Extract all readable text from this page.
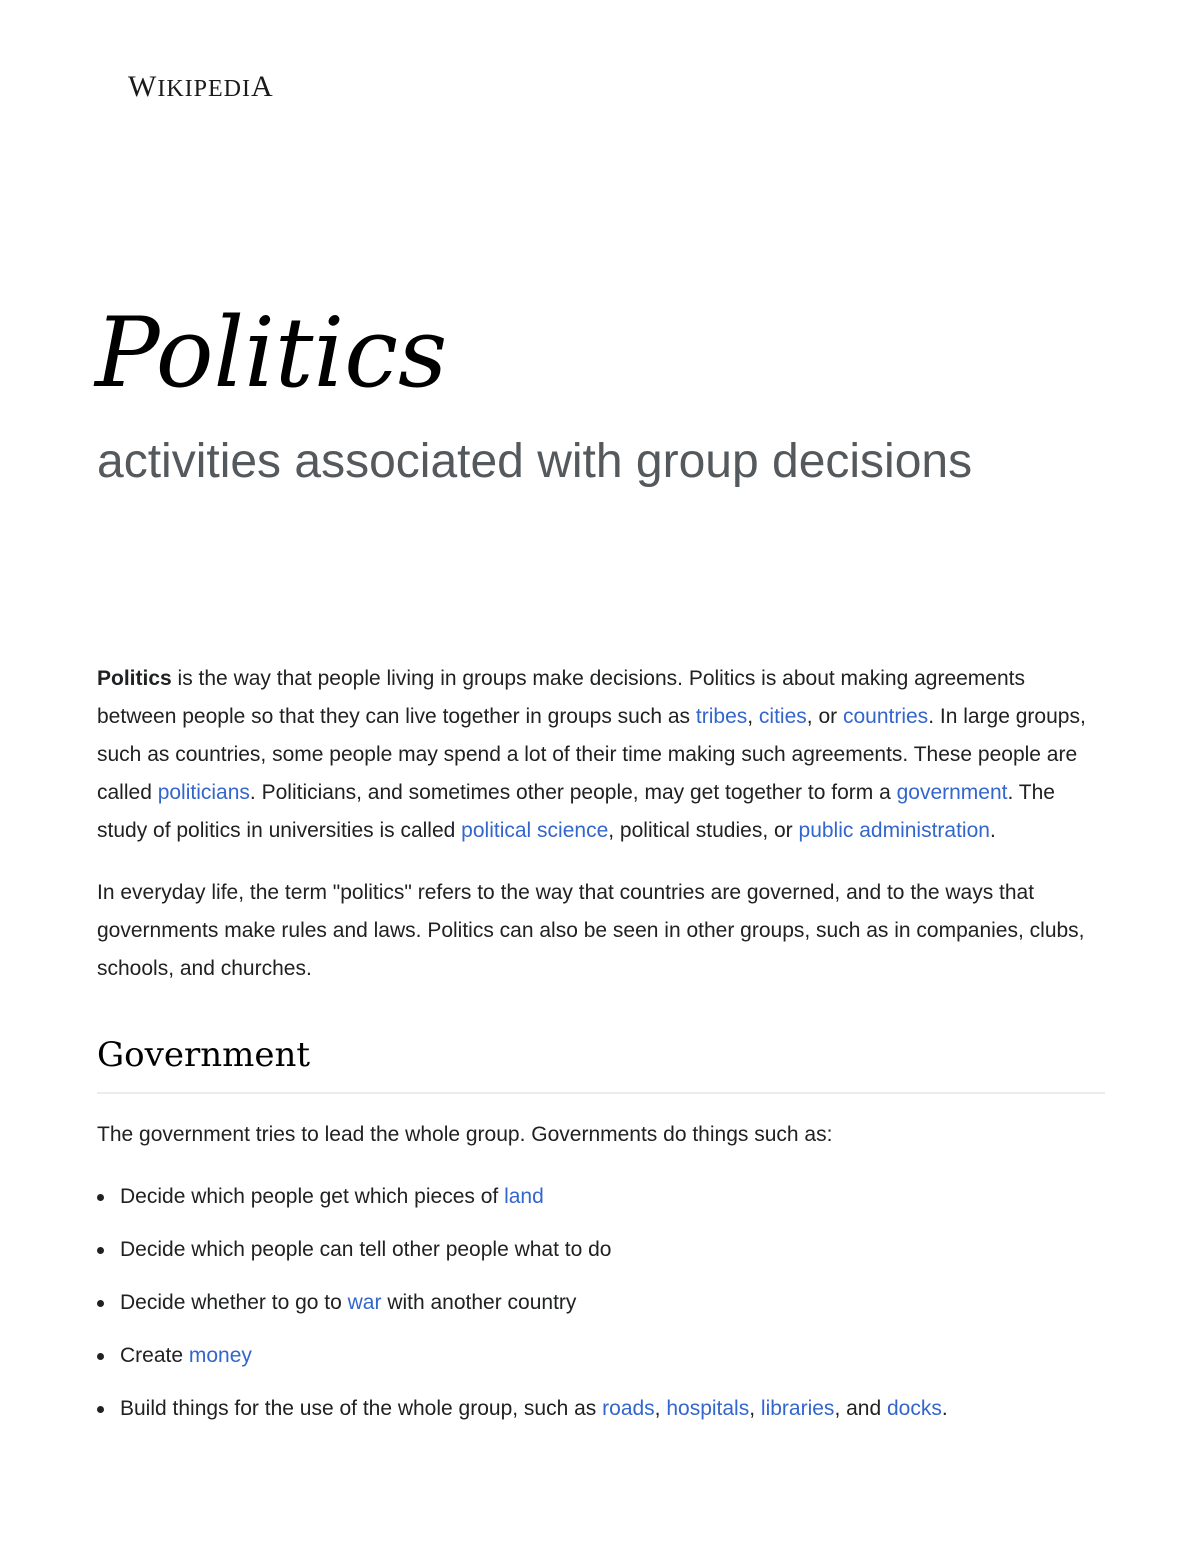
WIKIPEDIA
Politics
activities associated with group decisions

Politics is the way that people living in groups make decisions. Politics is about making agreements between people so that they can live together in groups such as tribes, cities, or countries. In large groups, such as countries, some people may spend a lot of their time making such agreements. These people are called politicians. Politicians, and sometimes other people, may get together to form a government. The study of politics in universities is called political science, political studies, or public administration.

In everyday life, the term "politics" refers to the way that countries are governed, and to the ways that governments make rules and laws. Politics can also be seen in other groups, such as in companies, clubs, schools, and churches.

Government

The government tries to lead the whole group. Governments do things such as:

Decide which people get which pieces of land
Decide which people can tell other people what to do
Decide whether to go to war with another country
Create money
Build things for the use of the whole group, such as roads, hospitals, libraries, and docks.
